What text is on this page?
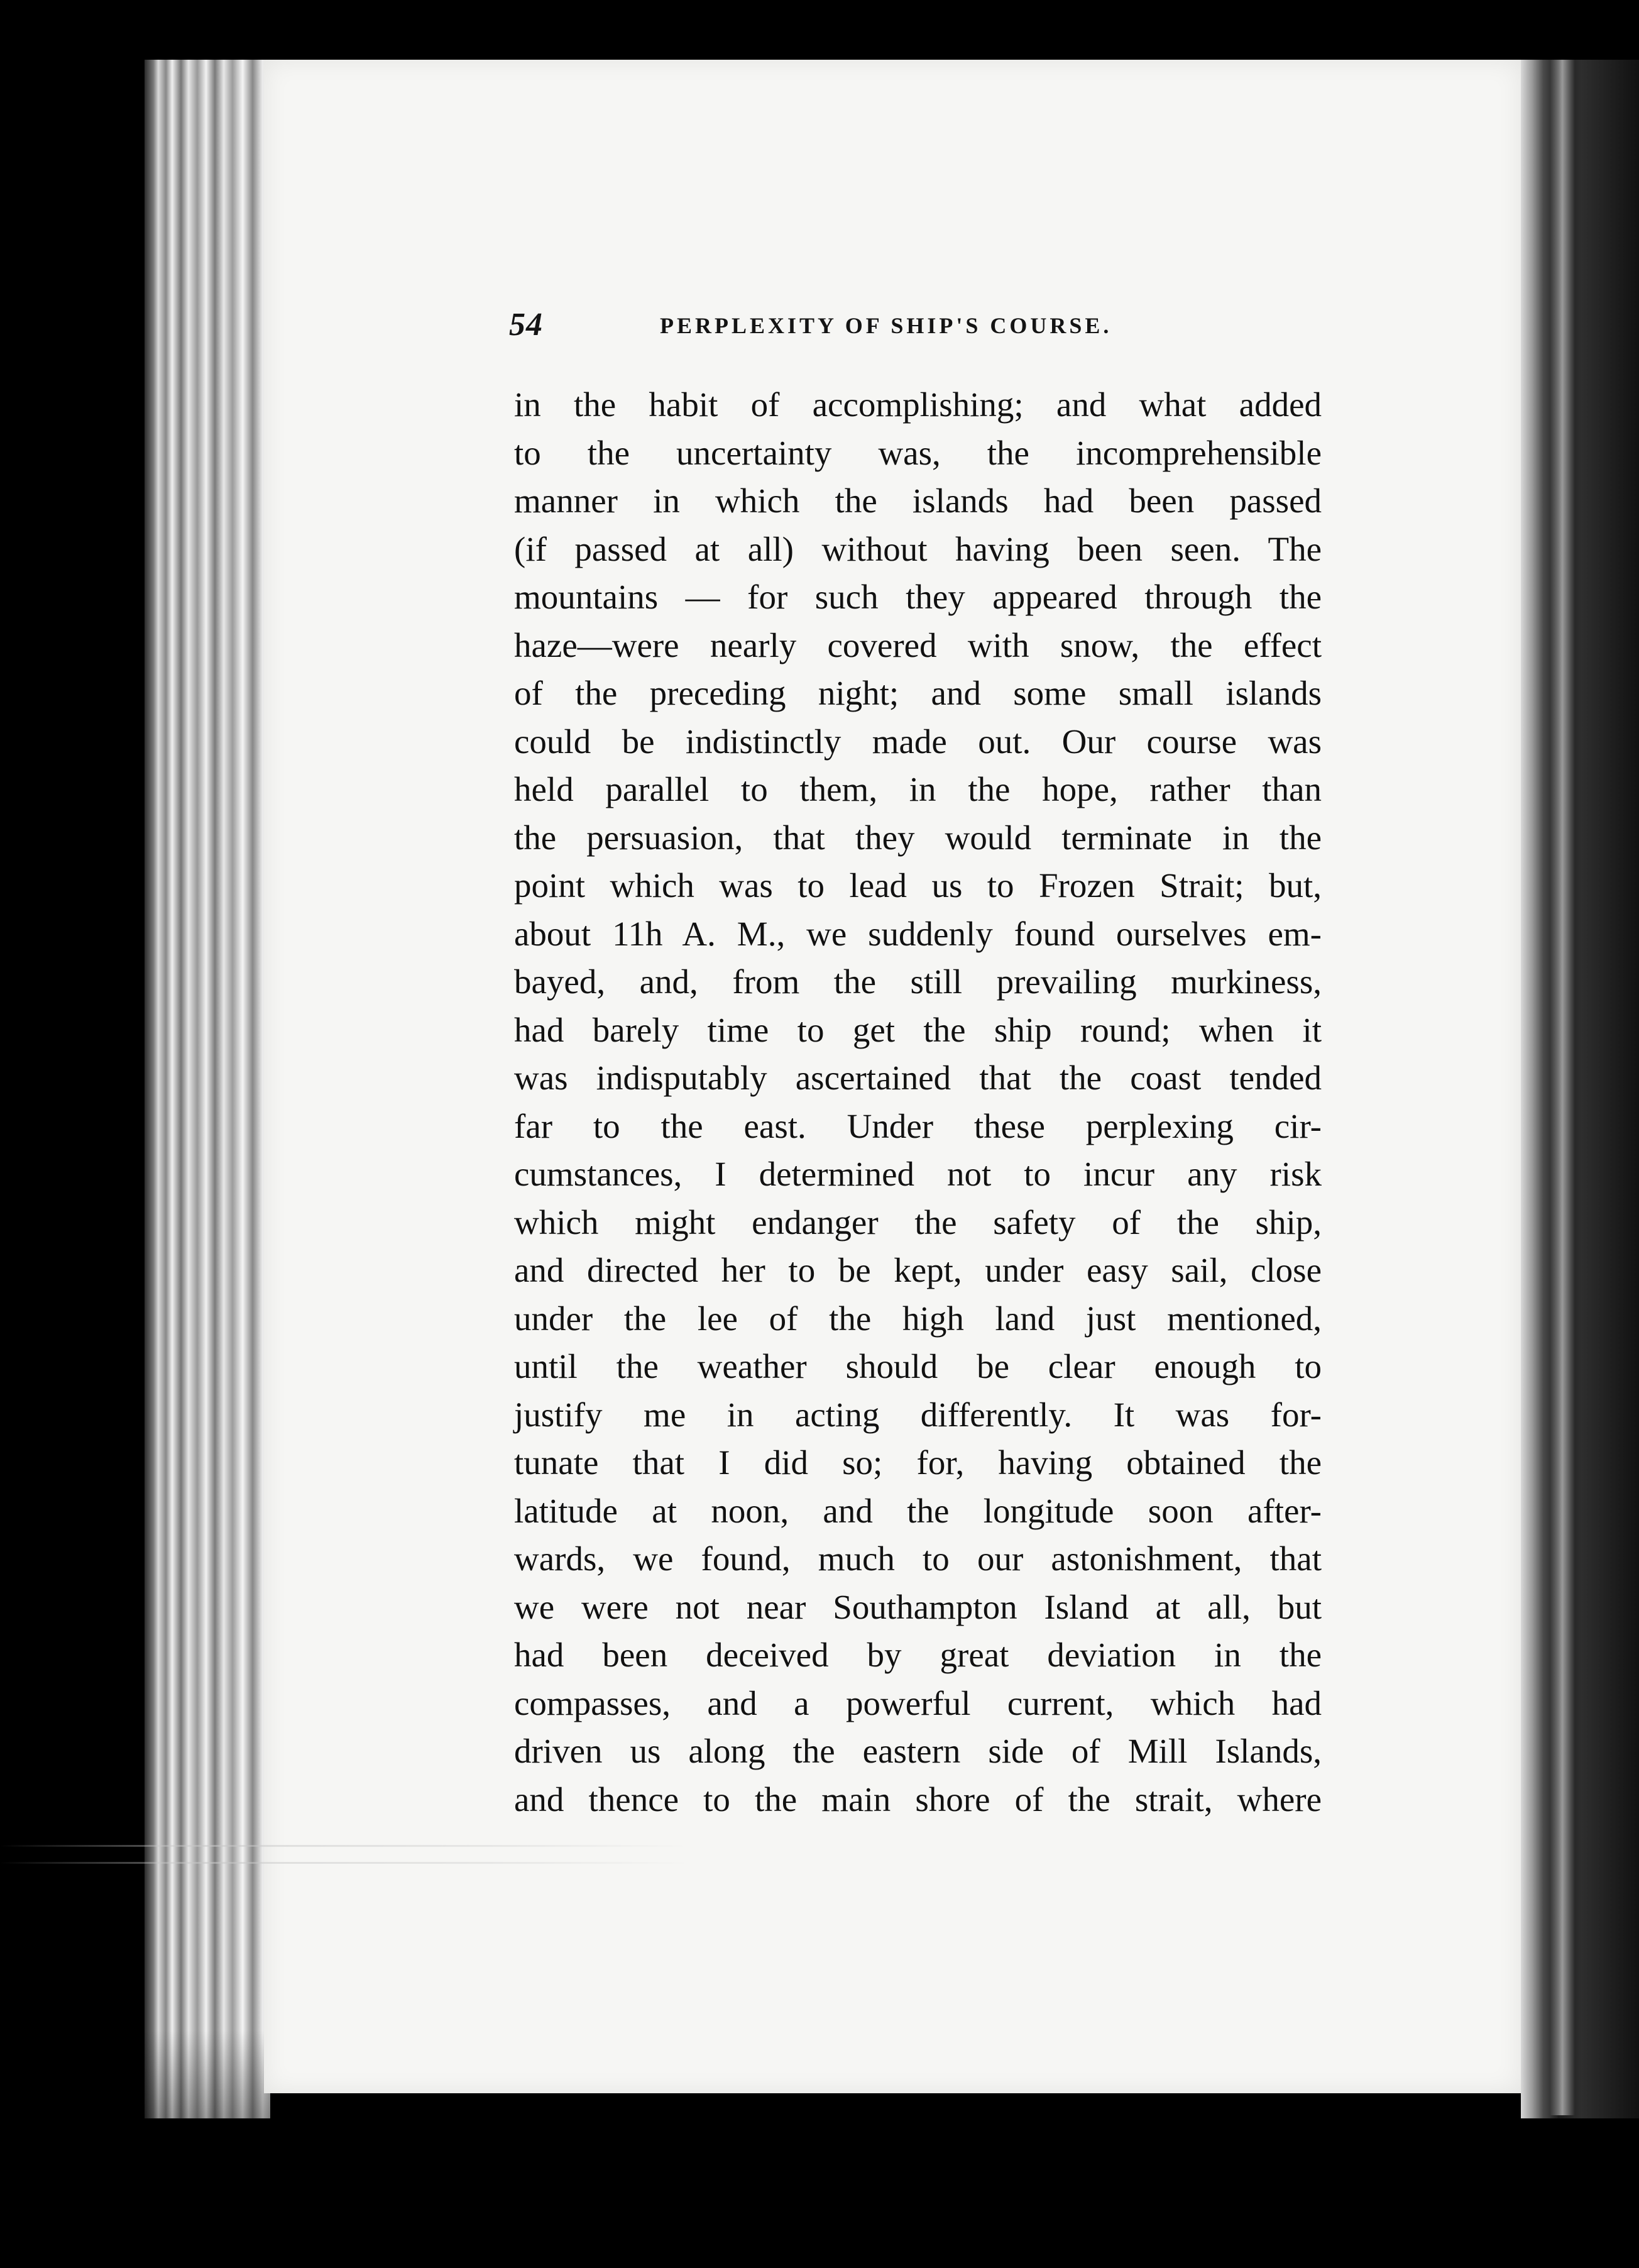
54	PERPLEXITY OF SHIP'S COURSE.
in the habit of accomplishing; and what added
to the uncertainty was, the incomprehensible
manner in which the islands had been passed
(if passed at all) without having been seen. The
mountains — for such they appeared through the
haze—were nearly covered with snow, the effect
of the preceding night; and some small islands
could be indistinctly made out. Our course was
held parallel to them, in the hope, rather than
the persuasion, that they would terminate in the
point which was to lead us to Frozen Strait; but,
about 11h A. M., we suddenly found ourselves em-
bayed, and, from the still prevailing murkiness,
had barely time to get the ship round; when it
was indisputably ascertained that the coast tended
far to the east. Under these perplexing cir-
cumstances, I determined not to incur any risk
which might endanger the safety of the ship,
and directed her to be kept, under easy sail, close
under the lee of the high land just mentioned,
until the weather should be clear enough to
justify me in acting differently. It was for-
tunate that I did so; for, having obtained the
latitude at noon, and the longitude soon after-
wards, we found, much to our astonishment, that
we were not near Southampton Island at all, but
had been deceived by great deviation in the
compasses, and a powerful current, which had
driven us along the eastern side of Mill Islands,
and thence to the main shore of the strait, where
